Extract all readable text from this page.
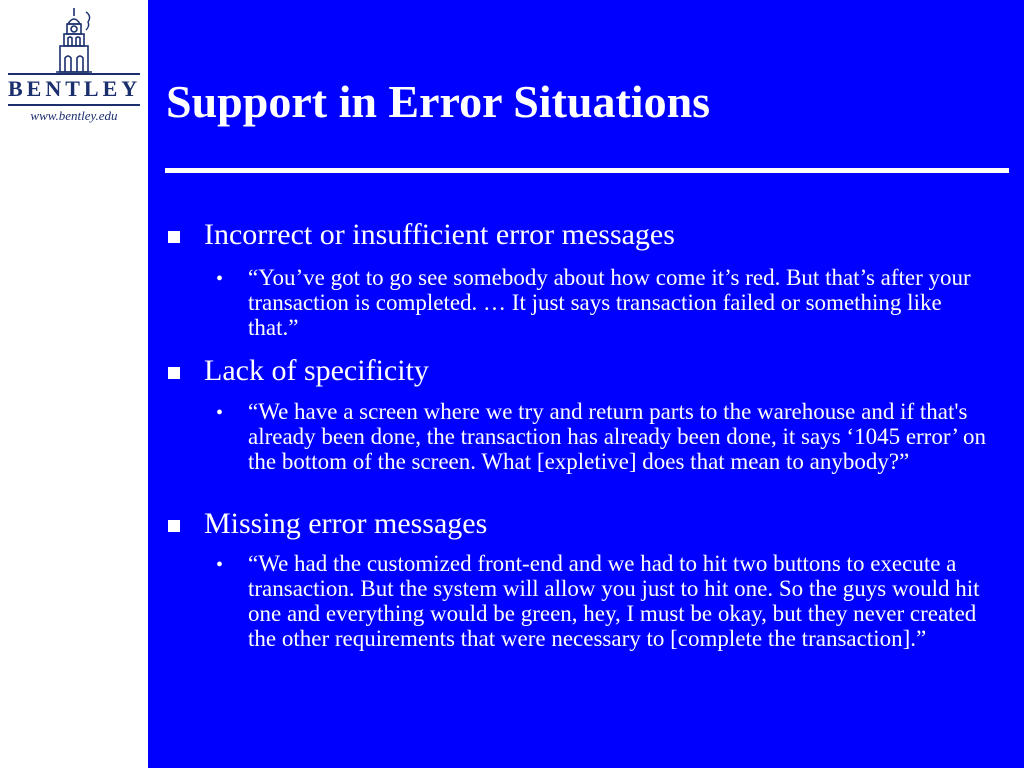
BENTLEY
www.bentley.edu	Support in Error Situations
Incorrect or insufficient error messages
• “You’ve got to go see somebody about how come it’s red. But that’s after your transaction is completed. … It just says transaction failed or something like that.”

Lack of specificity
• “We have a screen where we try and return parts to the warehouse and if that's already been done, the transaction has already been done, it says ‘1045 error’ on the bottom of the screen. What [expletive] does that mean to anybody?”

Missing error messages
• “We had the customized front-end and we had to hit two buttons to execute a transaction. But the system will allow you just to hit one. So the guys would hit one and everything would be green, hey, I must be okay, but they never created the other requirements that were necessary to [complete the transaction].”
